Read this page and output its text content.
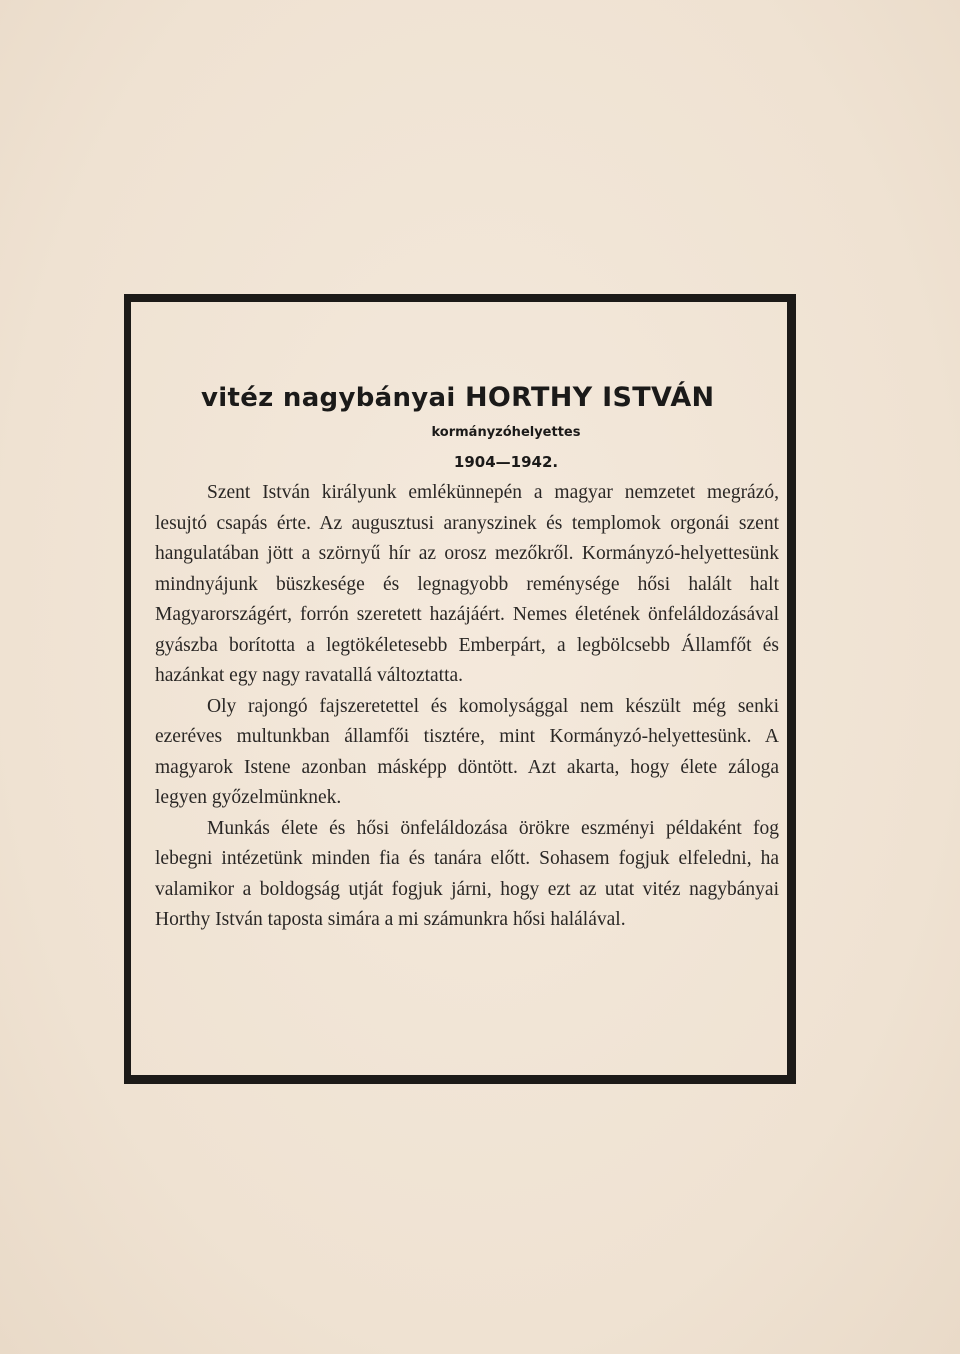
vitéz nagybányai HORTHY ISTVÁN
kormányzóhelyettes
1904—1942.

Szent István királyunk emlékünnepén a magyar nemzetet megrázó, lesujtó csapás érte. Az augusztusi aranyszinek és templomok orgonái szent hangulatában jött a szörnyű hír az orosz mezőkről. Kormányzó-helyettesünk mindnyájunk büszkesége és legnagyobb reménysége hősi halált halt Magyarországért, forrón szeretett hazájáért. Nemes életének önfeláldozásával gyászba borította a legtökéletesebb Emberpárt, a legbölcsebb Államfőt és hazánkat egy nagy ravatallá változtatta.

Oly rajongó fajszeretettel és komolysággal nem készült még senki ezeréves multunkban államfői tisztére, mint Kormányzó-helyettesünk. A magyarok Istene azonban másképp döntött. Azt akarta, hogy élete záloga legyen győzelmünknek.

Munkás élete és hősi önfeláldozása örökre eszményi példaként fog lebegni intézetünk minden fia és tanára előtt. Sohasem fogjuk elfeledni, ha valamikor a boldogság utját fogjuk járni, hogy ezt az utat vitéz nagybányai Horthy István taposta simára a mi számunkra hősi halálával.
